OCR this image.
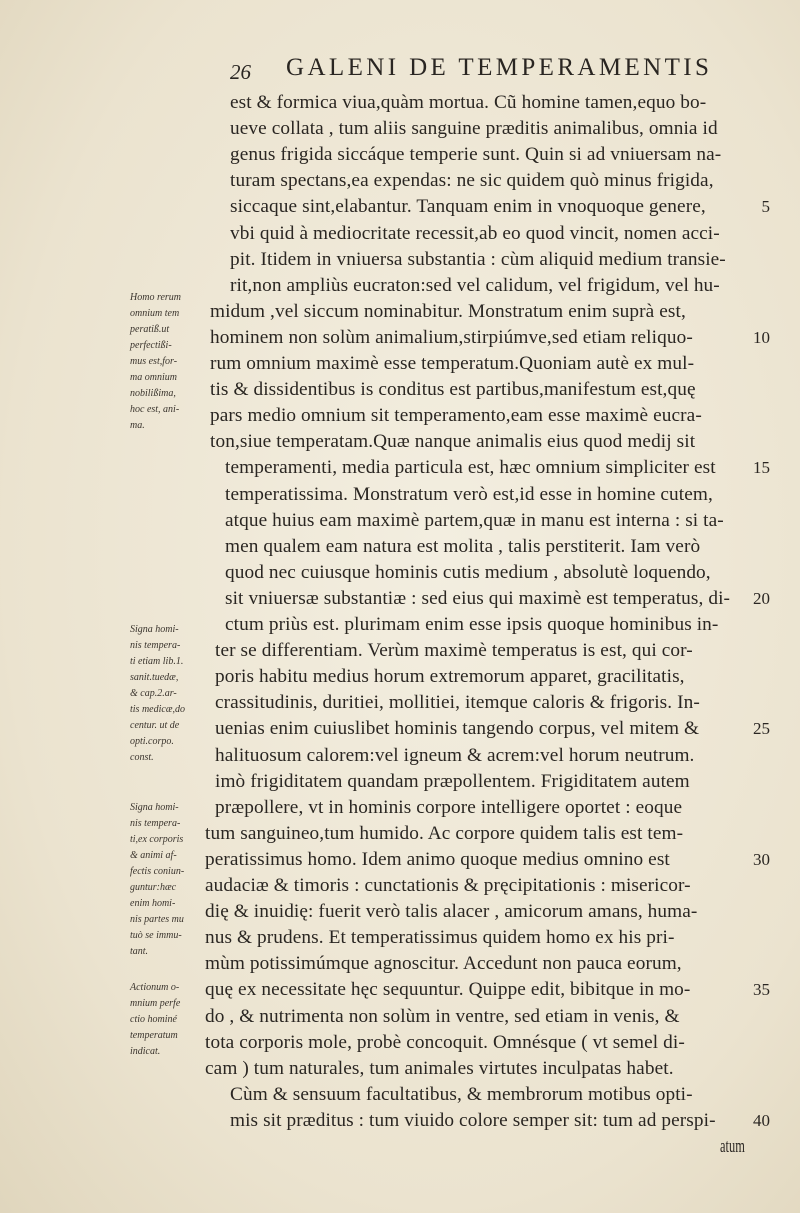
26 GALENI DE TEMPERAMENTIS
est & formica viua,quàm mortua. Cũ homine tamen,equo bo-
ueve collata , tum aliis sanguine præditis animalibus, omnia id
genus frigida siccáque temperie sunt. Quin si ad vniuersam na-
turam spectans,ea expendas: ne sic quidem quò minus frigida,
siccaque sint,elabantur. Tanquam enim in vnoquoque genere,
vbi quid à mediocritate recessit,ab eo quod vincit, nomen acci-
pit. Itidem in vniuersa substantia : cùm aliquid medium transie-
rit,non ampliùs eucraton:sed vel calidum, vel frigidum, vel hu-
midum ,vel siccum nominabitur. Monstratum enim suprà est,
hominem non solùm animalium,stirpiúmve,sed etiam reliquo-
rum omnium maximè esse temperatum.Quoniam autè ex mul-
tis & dissidentibus is conditus est partibus,manifestum est,quę
pars medio omnium sit temperamento,eam esse maximè eucra-
ton,siue temperatam.Quæ nanque animalis eius quod medij sit
temperamenti, media particula est, hæc omnium simpliciter est
temperatissima. Monstratum verò est,id esse in homine cutem,
atque huius eam maximè partem,quæ in manu est interna : si ta-
men qualem eam natura est molita , talis perstiterit. Iam verò
quod nec cuiusque hominis cutis medium , absolutè loquendo,
sit vniuersæ substantiæ : sed eius qui maximè est temperatus, di-
ctum priùs est. plurimam enim esse ipsis quoque hominibus in-
ter se differentiam. Verùm maximè temperatus is est, qui cor-
poris habitu medius horum extremorum apparet, gracilitatis,
crassitudinis, duritiei, mollitiei, itemque caloris & frigoris. In-
uenias enim cuiuslibet hominis tangendo corpus, vel mitem &
halituosum calorem:vel igneum & acrem:vel horum neutrum.
imò frigiditatem quandam præpollentem. Frigiditatem autem
præpollere, vt in hominis corpore intelligere oportet : eoque
tum sanguineo,tum humido. Ac corpore quidem talis est tem-
peratissimus homo. Idem animo quoque medius omnino est
audaciæ & timoris : cunctationis & pręcipitationis : misericor-
dię & inuidię: fuerit verò talis alacer , amicorum amans, huma-
nus & prudens. Et temperatissimus quidem homo ex his pri-
mùm potissimúmque agnoscitur. Accedunt non pauca eorum,
quę ex necessitate hęc sequuntur. Quippe edit, bibitque in mo-
do , & nutrimenta non solùm in ventre, sed etiam in venis, &
tota corporis mole, probè concoquit. Omnésque ( vt semel di-
cam ) tum naturales, tum animales virtutes inculpatas habet.
Cùm & sensuum facultatibus, & membrorum motibus opti-
mis sit præditus : tum viuido colore semper sit: tum ad perspi-
atum
5
10
15
20
25
30
35
40
Homo rerum
omnium tem
peratiß.ut
perfectißi-
mus est,for-
ma omnium
nobilißima,
hoc est, ani-
ma.
Signa homi-
nis tempera-
ti etiam lib.1.
sanit.tuedæ,
& cap.2.ar-
tis medicæ,do
centur. ut de
opti.corpo.
const.
Signa homi-
nis tempera-
ti,ex corporis
& animi af-
fectis coniun-
guntur:hæc
enim homi-
nis partes mu
tuò se immu-
tant.
Actionum o-
mnium perfe
ctio hominé
temperatum
indicat.
